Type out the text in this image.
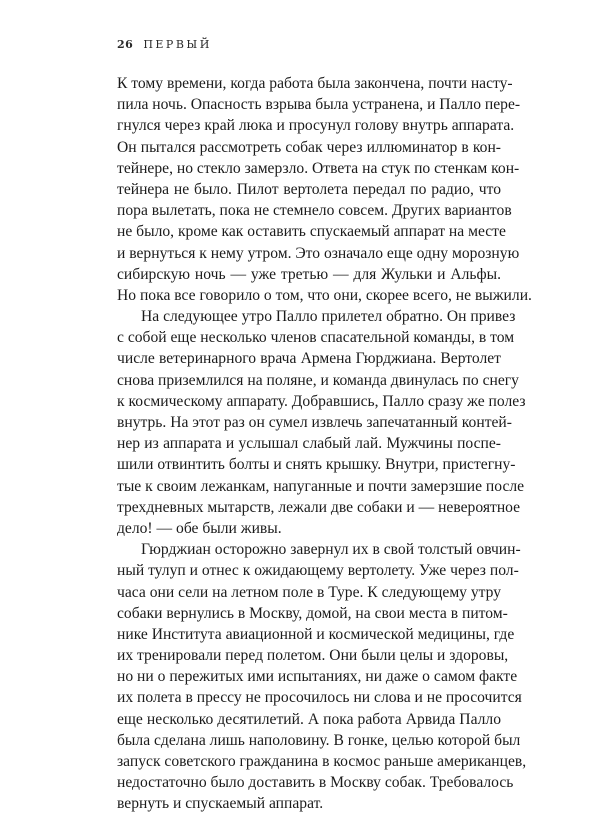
26 ПЕРВЫЙ
К тому времени, когда работа была закончена, почти насту-
пила ночь. Опасность взрыва была устранена, и Палло пере-
гнулся через край люка и просунул голову внутрь аппарата.
Он пытался рассмотреть собак через иллюминатор в кон-
тейнере, но стекло замерзло. Ответа на стук по стенкам кон-
тейнера не было. Пилот вертолета передал по радио, что
пора вылетать, пока не стемнело совсем. Других вариантов
не было, кроме как оставить спускаемый аппарат на месте
и вернуться к нему утром. Это означало еще одну морозную
сибирскую ночь — уже третью — для Жульки и Альфы.
Но пока все говорило о том, что они, скорее всего, не выжили.
На следующее утро Палло прилетел обратно. Он привез
с собой еще несколько членов спасательной команды, в том
числе ветеринарного врача Армена Гюрджиана. Вертолет
снова приземлился на поляне, и команда двинулась по снегу
к космическому аппарату. Добравшись, Палло сразу же полез
внутрь. На этот раз он сумел извлечь запечатанный контей-
нер из аппарата и услышал слабый лай. Мужчины поспе-
шили отвинтить болты и снять крышку. Внутри, пристегну-
тые к своим лежанкам, напуганные и почти замерзшие после
трехдневных мытарств, лежали две собаки и — невероятное
дело! — обе были живы.
Гюрджиан осторожно завернул их в свой толстый овчин-
ный тулуп и отнес к ожидающему вертолету. Уже через пол-
часа они сели на летном поле в Туре. К следующему утру
собаки вернулись в Москву, домой, на свои места в питом-
нике Института авиационной и космической медицины, где
их тренировали перед полетом. Они были целы и здоровы,
но ни о пережитых ими испытаниях, ни даже о самом факте
их полета в прессу не просочилось ни слова и не просочится
еще несколько десятилетий. А пока работа Арвида Палло
была сделана лишь наполовину. В гонке, целью которой был
запуск советского гражданина в космос раньше американцев,
недостаточно было доставить в Москву собак. Требовалось
вернуть и спускаемый аппарат.
